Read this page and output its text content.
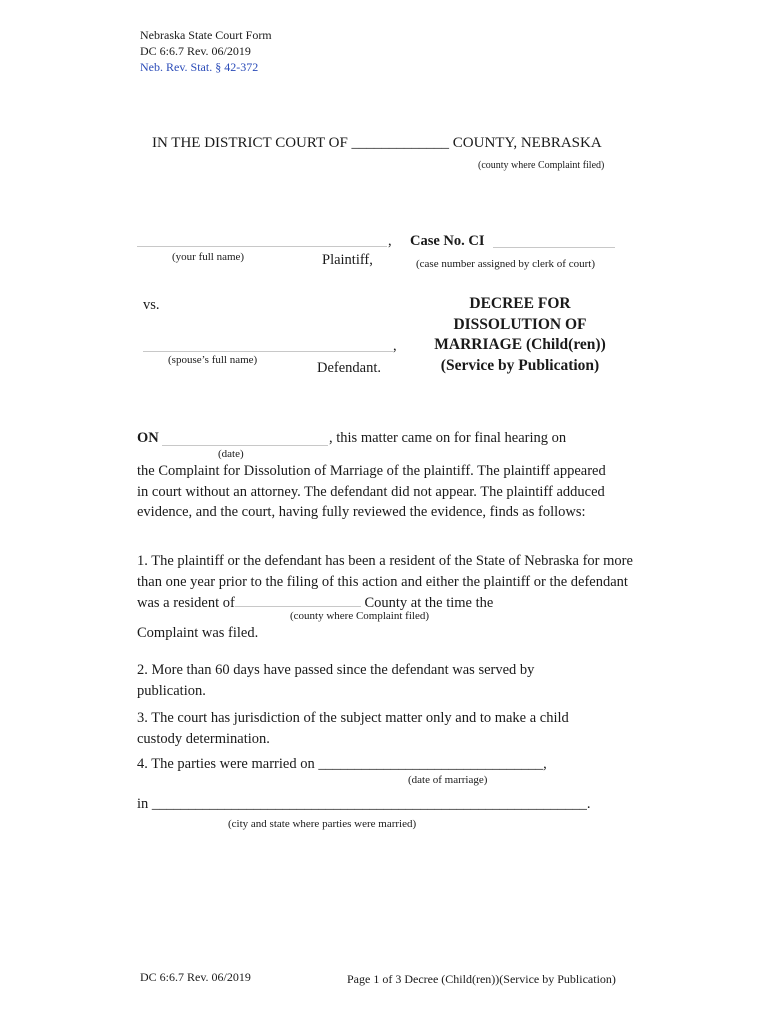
Nebraska State Court Form
DC 6:6.7 Rev. 06/2019
Neb. Rev. Stat. § 42-372
IN THE DISTRICT COURT OF _____________ COUNTY, NEBRASKA
(county where Complaint filed)
,
(your full name)	Plaintiff,
Case No. CI
(case number assigned by clerk of court)
vs.
,
(spouse’s full name)	Defendant.
DECREE FOR
DISSOLUTION OF
MARRIAGE (Child(ren))
(Service by Publication)
ON	, this matter came on for final hearing on
(date)
the Complaint for Dissolution of Marriage of the plaintiff. The plaintiff appeared in court without an attorney. The defendant did not appear. The plaintiff adduced evidence, and the court, having fully reviewed the evidence, finds as follows:
1. The plaintiff or the defendant has been a resident of the State of Nebraska for more than one year prior to the filing of this action and either the plaintiff or the defendant was a resident of	County at the time the
(county where Complaint filed)
Complaint was filed.
2. More than 60 days have passed since the defendant was served by publication.
3. The court has jurisdiction of the subject matter only and to make a child custody determination.
4. The parties were married on _______________________________,
(date of marriage)
in ____________________________________________________________.
(city and state where parties were married)
DC 6:6.7 Rev. 06/2019	Page 1 of 3 Decree (Child(ren))(Service by Publication)
